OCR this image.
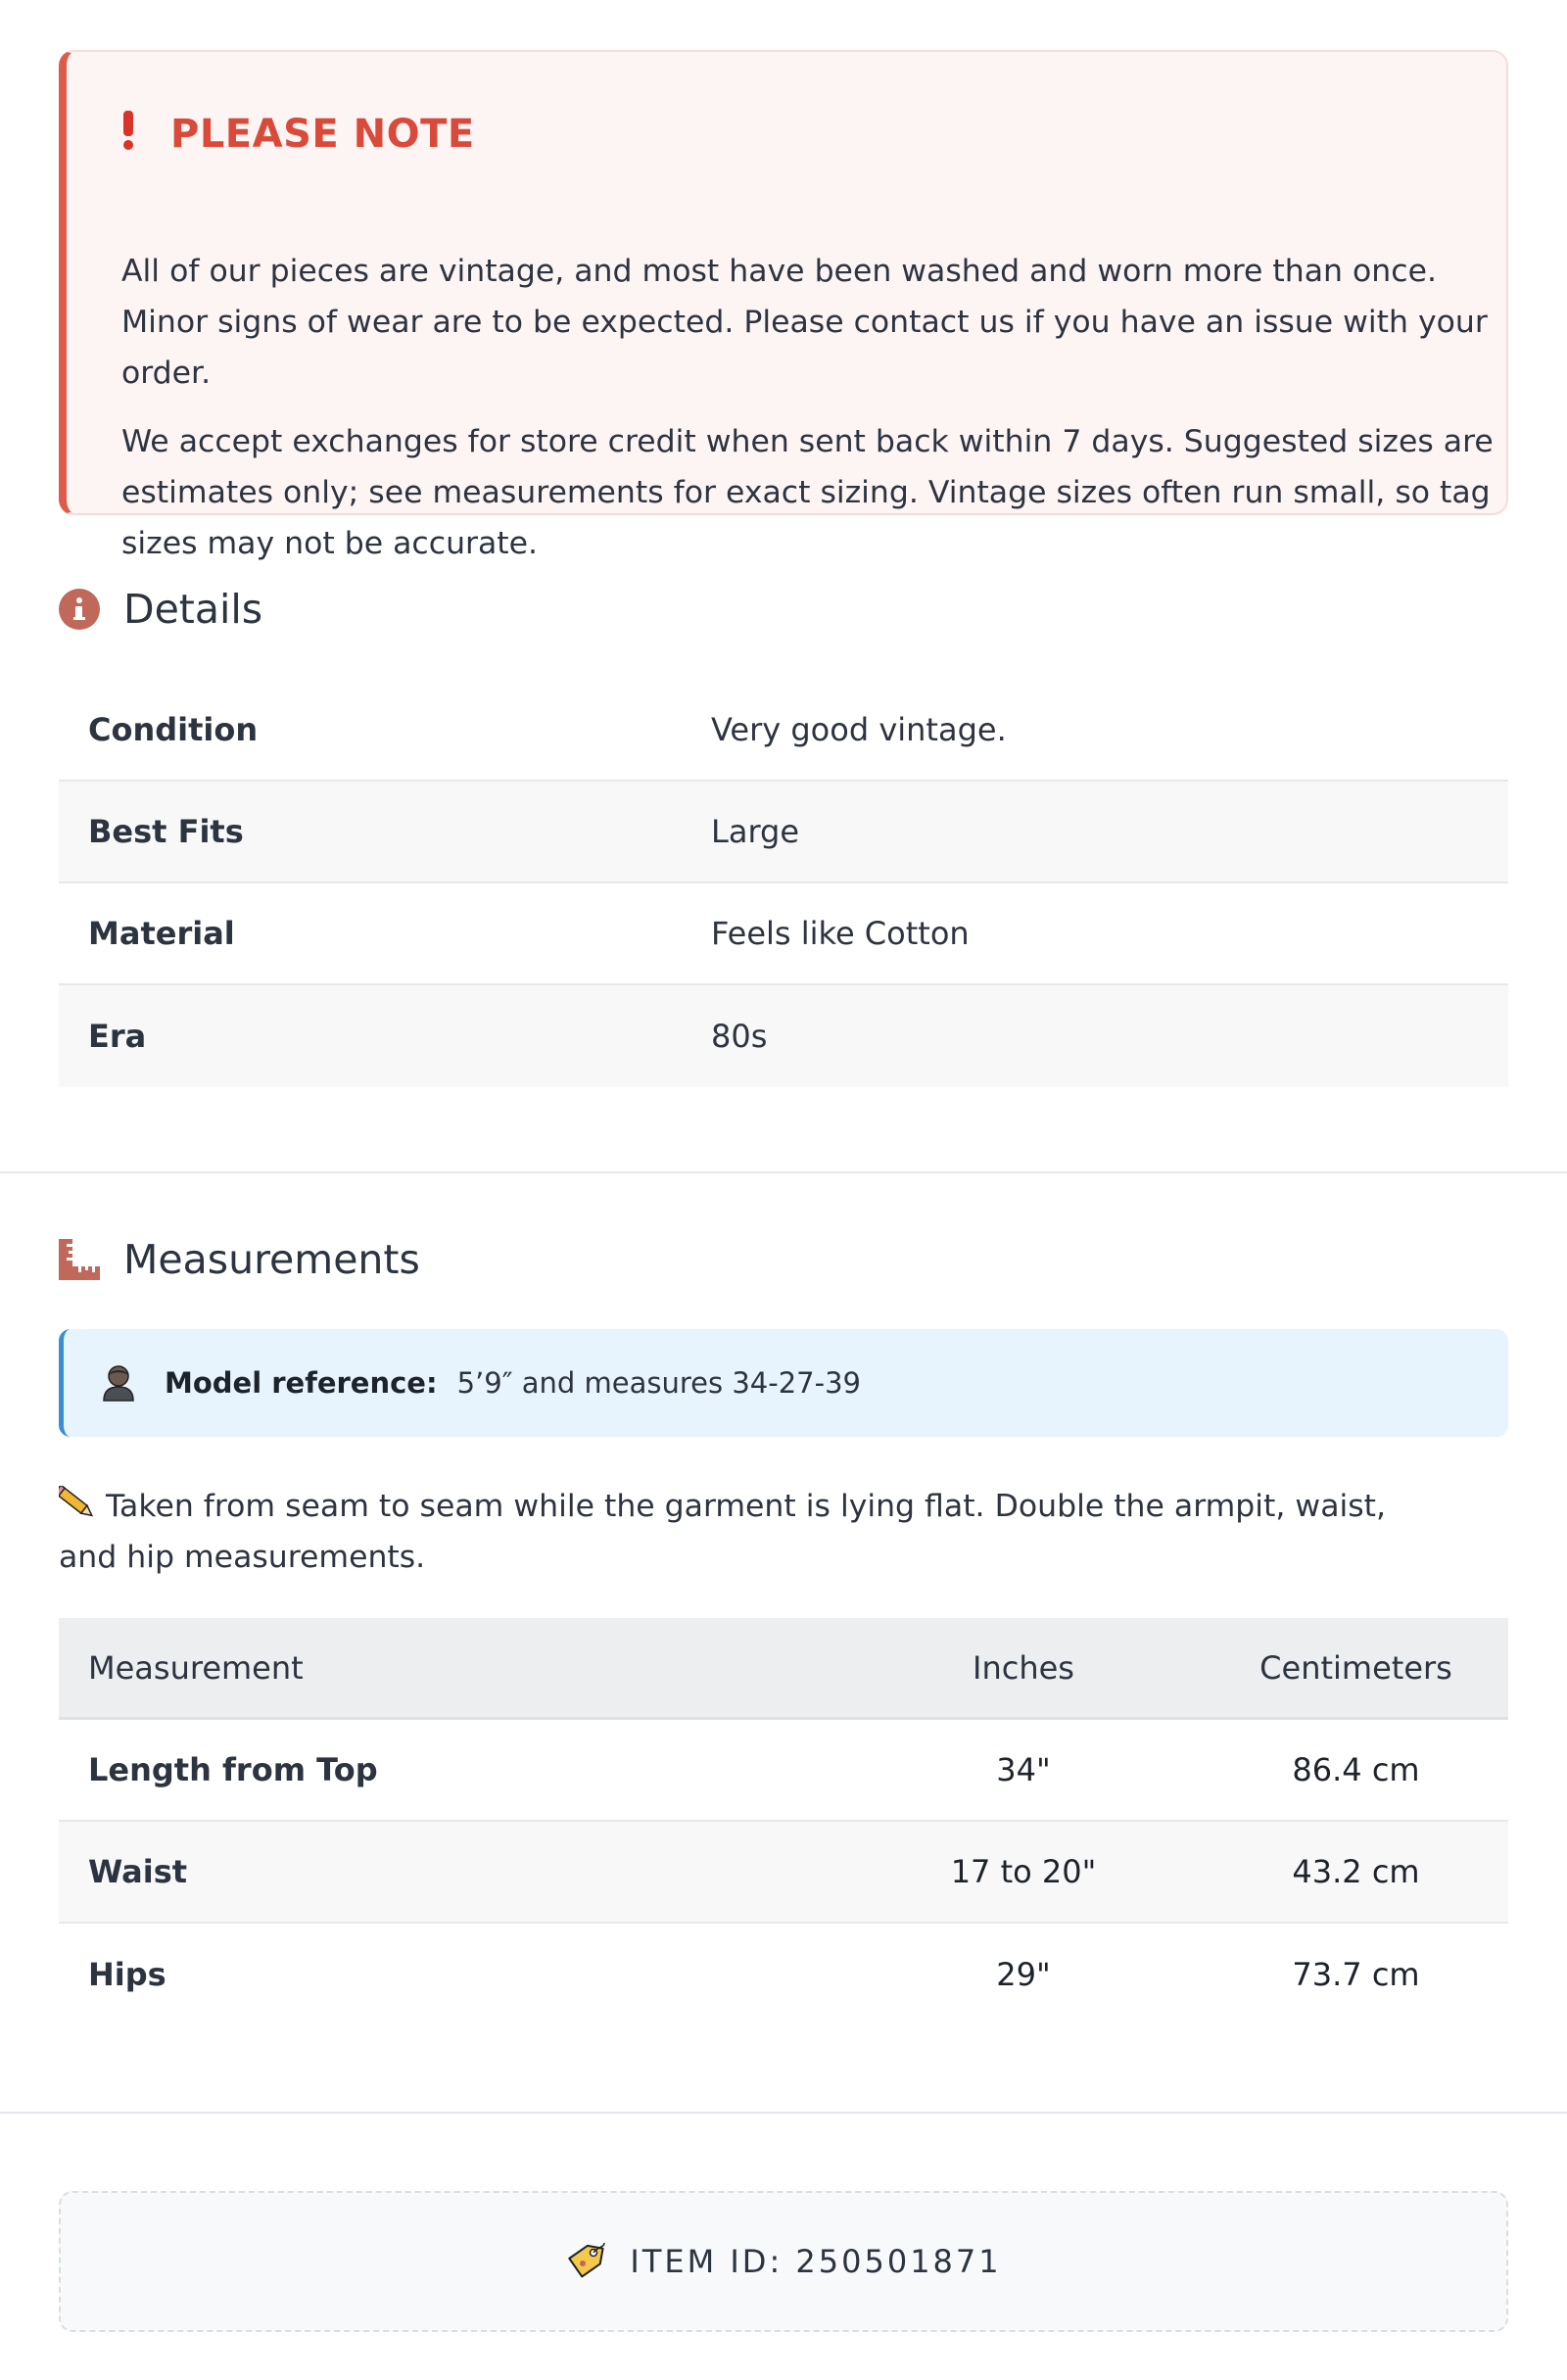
PLEASE NOTE

All of our pieces are vintage, and most have been washed and worn more than once. Minor signs of wear are to be expected. Please contact us if you have an issue with your order.

We accept exchanges for store credit when sent back within 7 days. Suggested sizes are estimates only; see measurements for exact sizing. Vintage sizes often run small, so tag sizes may not be accurate.

Details
Condition	Very good vintage.
Best Fits	Large
Material	Feels like Cotton
Era	80s
Measurements
Model reference: 5’9″ and measures 34-27-39
Taken from seam to seam while the garment is lying flat. Double the armpit, waist, and hip measurements.
Measurement	Inches	Centimeters
Length from Top	34"	86.4 cm
Waist	17 to 20"	43.2 cm
Hips	29"	73.7 cm
ITEM ID: 250501871
